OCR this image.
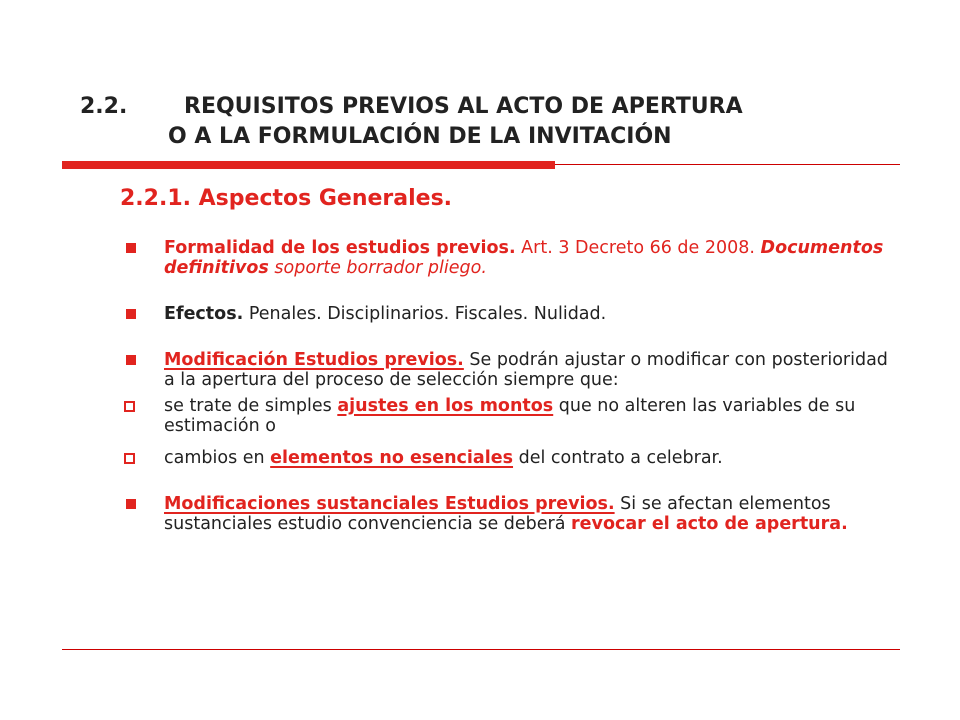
2.2.	REQUISITOS PREVIOS AL ACTO DE APERTURA
O A LA FORMULACIÓN DE LA INVITACIÓN
2.2.1. Aspectos Generales.
Formalidad de los estudios previos. Art. 3 Decreto 66 de 2008. Documentos definitivos soporte borrador pliego.
Efectos. Penales. Disciplinarios. Fiscales. Nulidad.
Modificación Estudios previos. Se podrán ajustar o modificar con posterioridad a la apertura del proceso de selección siempre que:
se trate de simples ajustes en los montos que no alteren las variables de su estimación o
cambios en elementos no esenciales del contrato a celebrar.
Modificaciones sustanciales Estudios previos. Si se afectan elementos sustanciales estudio convenciencia se deberá revocar el acto de apertura.
